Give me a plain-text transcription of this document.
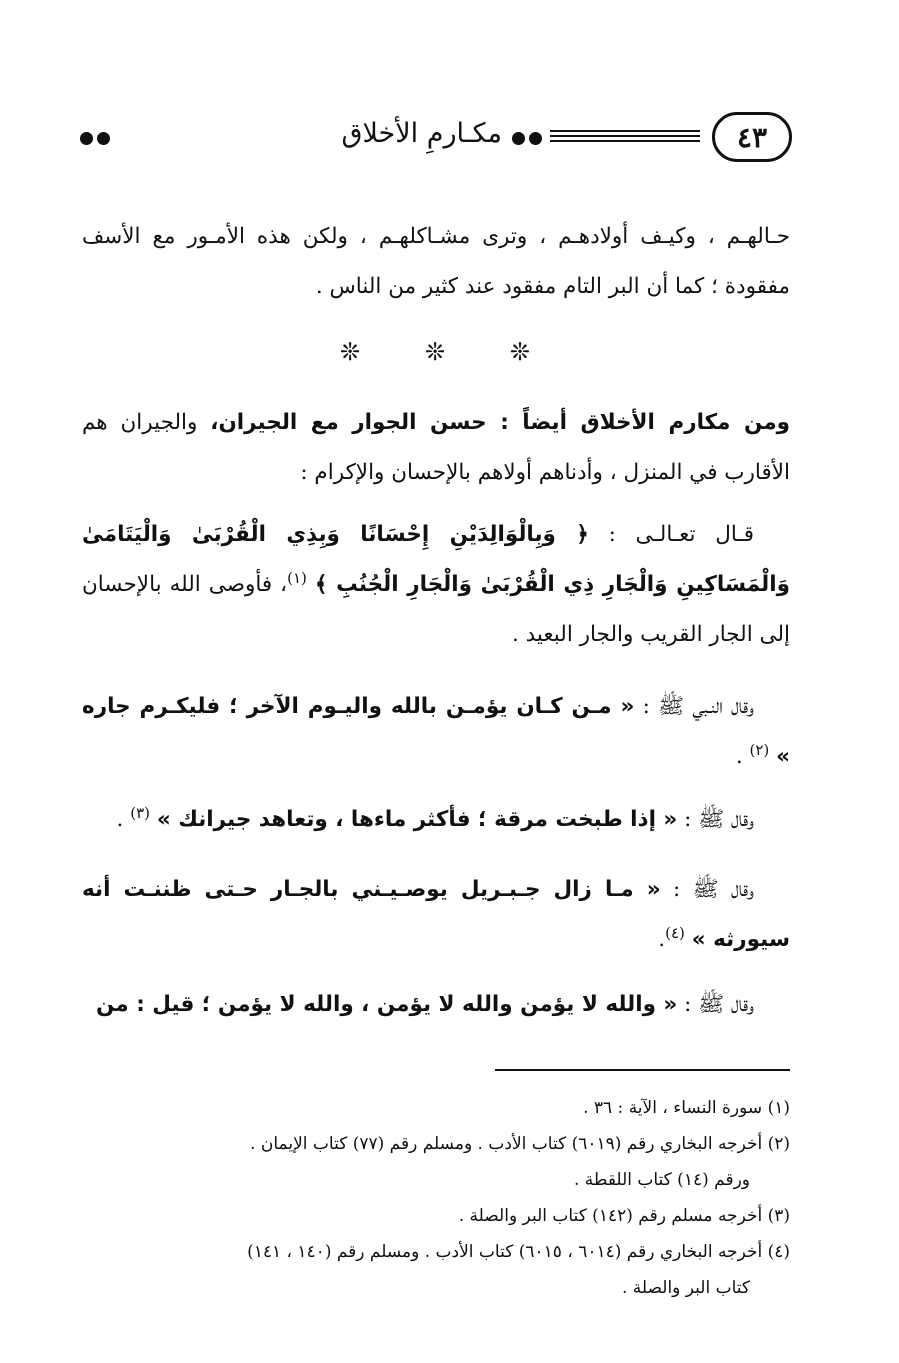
٤٣
مكـارمِ الأخلاق
حـالهـم ، وكيـف أولادهـم ، وترى مشـاكلهـم ، ولكن هذه الأمـور مع الأسف مفقودة ؛ كما أن البر التام مفقود عند كثير من الناس .
❊	❊	❊
ومن مكارم الأخلاق أيضاً : حسن الجوار مع الجيران، والجيران هم الأقارب في المنزل ، وأدناهم أولاهم بالإحسان والإكرام :
قـال تعـالـى : ﴿ وَبِالْوَالِدَيْنِ إِحْسَانًا وَبِذِي الْقُرْبَىٰ وَالْيَتَامَىٰ وَالْمَسَاكِينِ وَالْجَارِ ذِي الْقُرْبَىٰ وَالْجَارِ الْجُنُبِ ﴾ $^{(١)}$، فأوصى الله بالإحسان إلى الجار القريب والجار البعيد .
وقال النـبي ﷺ : « مـن كـان يؤمـن بالله واليـوم الآخر ؛ فليكـرم جاره » $^{(٢)}$ .
وقال ﷺ : « إذا طبخت مرقة ؛ فأكثر ماءها ، وتعاهد جيرانك » $^{(٣)}$ .
وقال ﷺ : « مـا زال جـبـريل يوصـيـني بالجـار حـتى ظننـت أنه سيورثه » $^{(٤)}$.
وقال ﷺ : « والله لا يؤمن والله لا يؤمن ، والله لا يؤمن ؛ قيل : من

(١) سورة النساء ، الآية : ٣٦ .

(٢) أخرجه البخاري رقم (٦٠١٩) كتاب الأدب . ومسلم رقم (٧٧) كتاب الإيمان .

ورقم (١٤) كتاب اللقطة .

(٣) أخرجه مسلم رقم (١٤٢) كتاب البر والصلة .

(٤) أخرجه البخاري رقم (٦٠١٤ ، ٦٠١٥) كتاب الأدب . ومسلم رقم (١٤٠ ، ١٤١)

كتاب البر والصلة .
